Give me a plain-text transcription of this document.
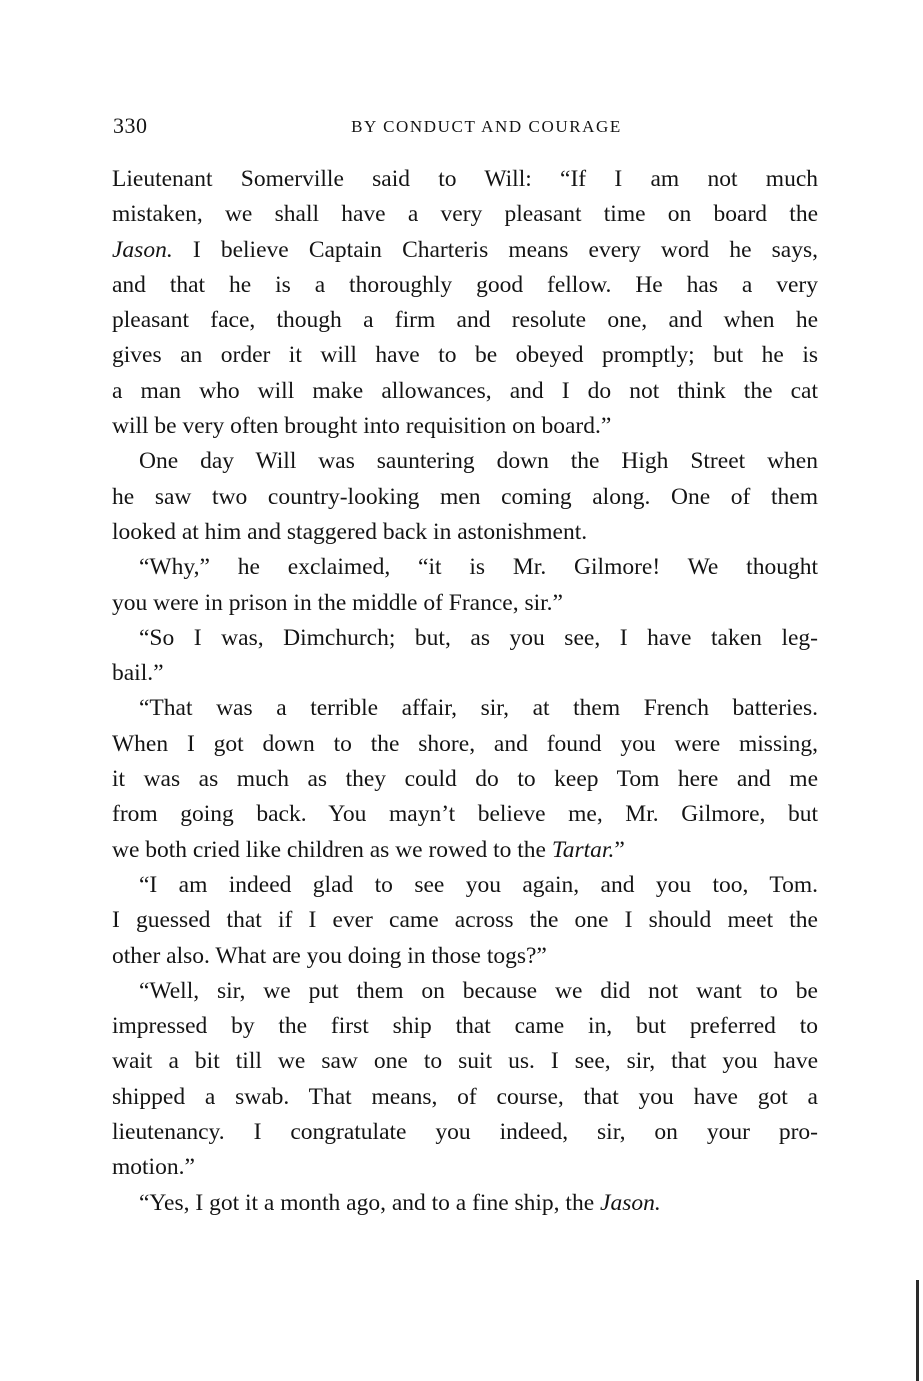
330	BY CONDUCT AND COURAGE
Lieutenant Somerville said to Will: “If I am not much
mistaken, we shall have a very pleasant time on board the
Jason. I believe Captain Charteris means every word he says,
and that he is a thoroughly good fellow. He has a very
pleasant face, though a firm and resolute one, and when he
gives an order it will have to be obeyed promptly; but he is
a man who will make allowances, and I do not think the cat
will be very often brought into requisition on board.”
One day Will was sauntering down the High Street when
he saw two country-looking men coming along. One of them
looked at him and staggered back in astonishment.
“Why,” he exclaimed, “it is Mr. Gilmore! We thought
you were in prison in the middle of France, sir.”
“So I was, Dimchurch; but, as you see, I have taken leg-
bail.”
“That was a terrible affair, sir, at them French batteries.
When I got down to the shore, and found you were missing,
it was as much as they could do to keep Tom here and me
from going back. You mayn’t believe me, Mr. Gilmore, but
we both cried like children as we rowed to the Tartar.”
“I am indeed glad to see you again, and you too, Tom.
I guessed that if I ever came across the one I should meet the
other also. What are you doing in those togs?”
“Well, sir, we put them on because we did not want to be
impressed by the first ship that came in, but preferred to
wait a bit till we saw one to suit us. I see, sir, that you have
shipped a swab. That means, of course, that you have got a
lieutenancy. I congratulate you indeed, sir, on your pro-
motion.”
“Yes, I got it a month ago, and to a fine ship, the Jason.
